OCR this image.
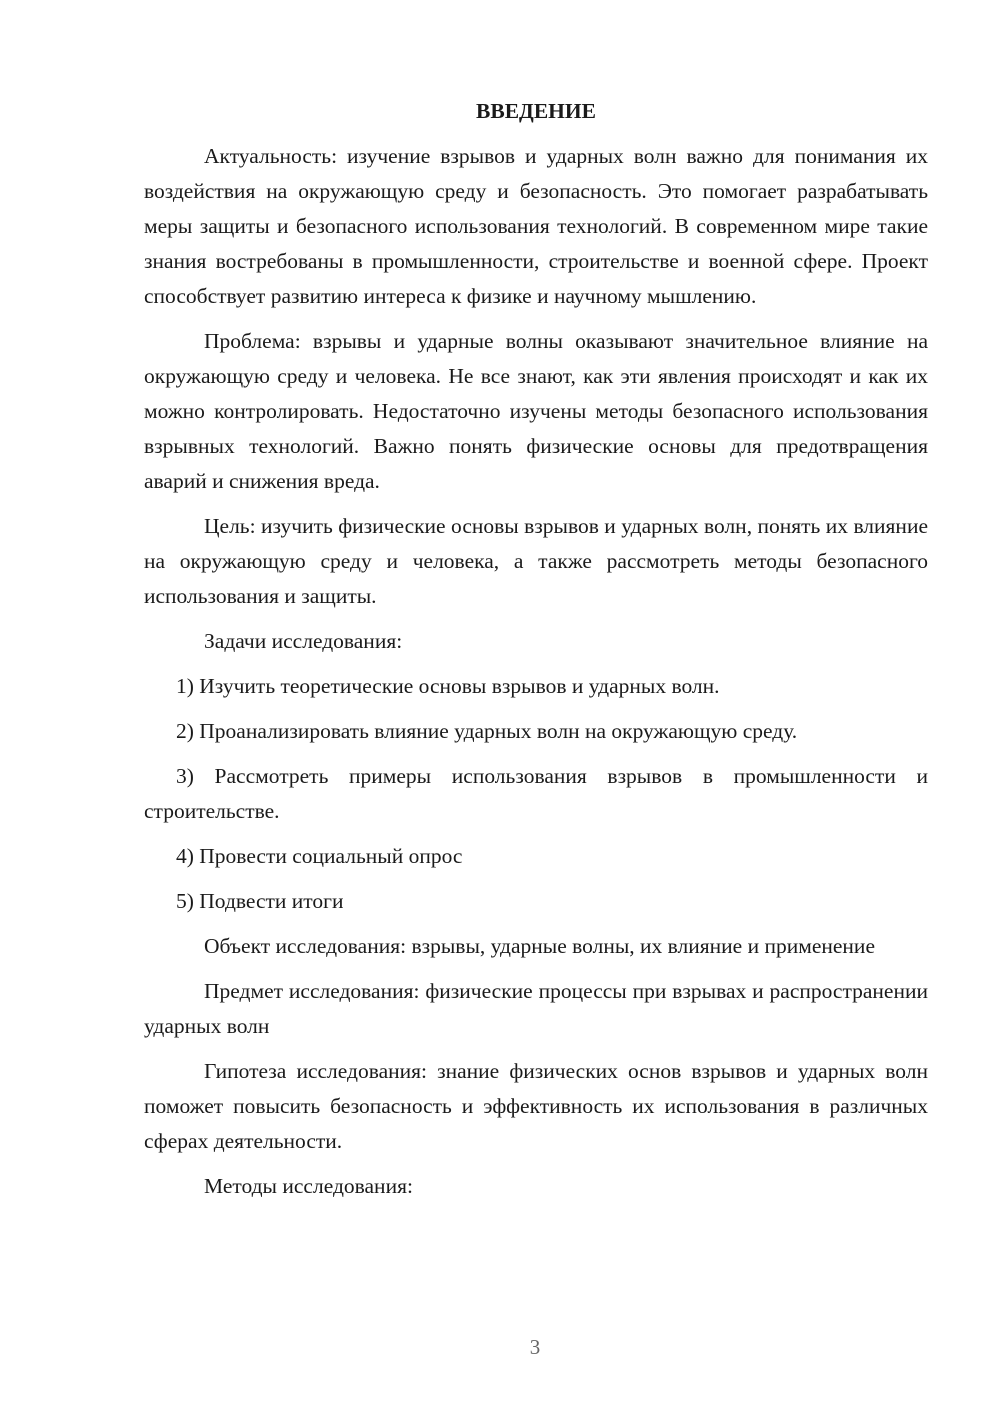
ВВЕДЕНИЕ

Актуальность: изучение взрывов и ударных волн важно для понимания их воздействия на окружающую среду и безопасность. Это помогает разрабатывать меры защиты и безопасного использования технологий. В современном мире такие знания востребованы в промышленности, строительстве и военной сфере. Проект способствует развитию интереса к физике и научному мышлению.

Проблема: взрывы и ударные волны оказывают значительное влияние на окружающую среду и человека. Не все знают, как эти явления происходят и как их можно контролировать. Недостаточно изучены методы безопасного использования взрывных технологий. Важно понять физические основы для предотвращения аварий и снижения вреда.

Цель: изучить физические основы взрывов и ударных волн, понять их влияние на окружающую среду и человека, а также рассмотреть методы безопасного использования и защиты.

Задачи исследования:

1) Изучить теоретические основы взрывов и ударных волн.

2) Проанализировать влияние ударных волн на окружающую среду.

3) Рассмотреть примеры использования взрывов в промышленности и строительстве.

4) Провести социальный опрос

5) Подвести итоги

Объект исследования: взрывы, ударные волны, их влияние и применение

Предмет исследования: физические процессы при взрывах и распространении ударных волн

Гипотеза исследования: знание физических основ взрывов и ударных волн поможет повысить безопасность и эффективность их использования в различных сферах деятельности.

Методы исследования:

3
